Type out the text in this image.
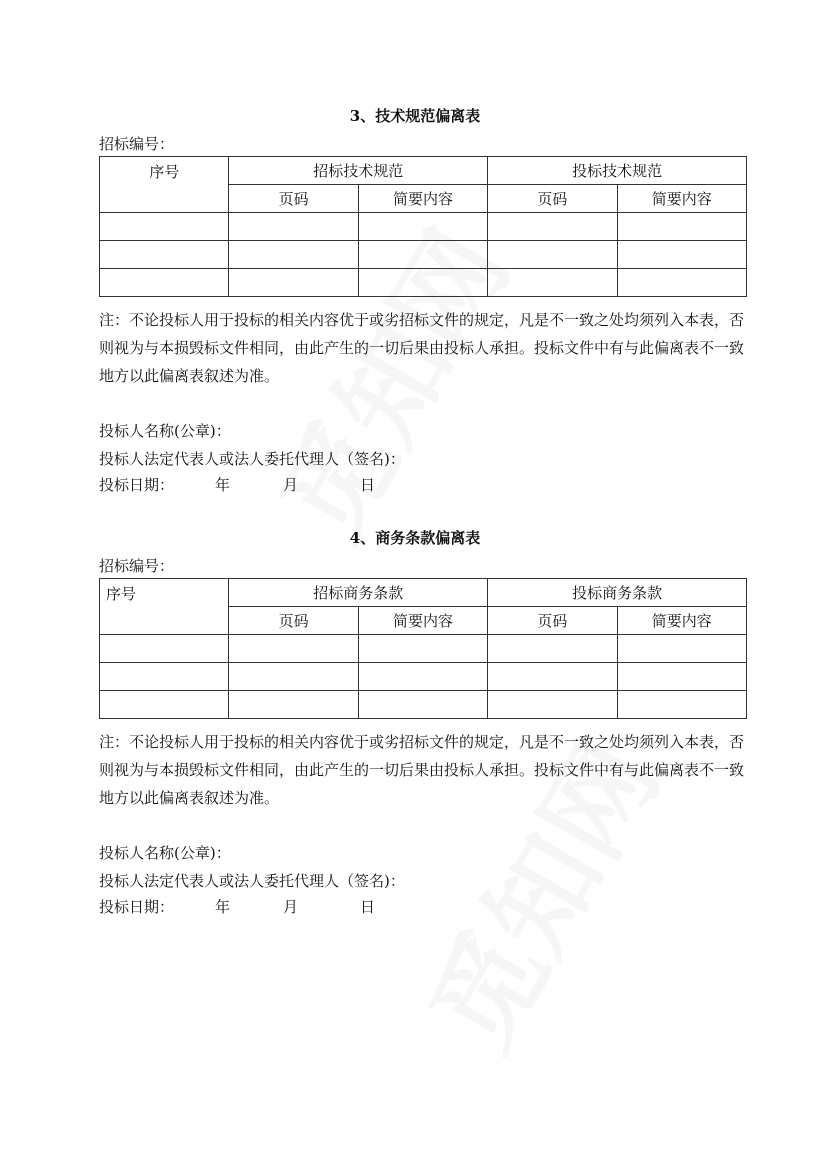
3、技术规范偏离表
招标编号：
序号	招标技术规范		投标技术规范	
	页码	简要内容	页码	简要内容

注：不论投标人用于投标的相关内容优于或劣招标文件的规定，凡是不一致之处均须列入本表，否则视为与本损毁标文件相同，由此产生的一切后果由投标人承担。投标文件中有与此偏离表不一致地方以此偏离表叙述为准。
投标人名称(公章)：
投标人法定代表人或法人委托代理人（签名)：
投标日期：	年	月	日
4、商务条款偏离表
招标编号：
序号	招标商务条款		投标商务条款	
	页码	简要内容	页码	简要内容

注：不论投标人用于投标的相关内容优于或劣招标文件的规定，凡是不一致之处均须列入本表，否则视为与本损毁标文件相同，由此产生的一切后果由投标人承担。投标文件中有与此偏离表不一致地方以此偏离表叙述为准。
投标人名称(公章)：
投标人法定代表人或法人委托代理人（签名)：
投标日期：	年	月	日
